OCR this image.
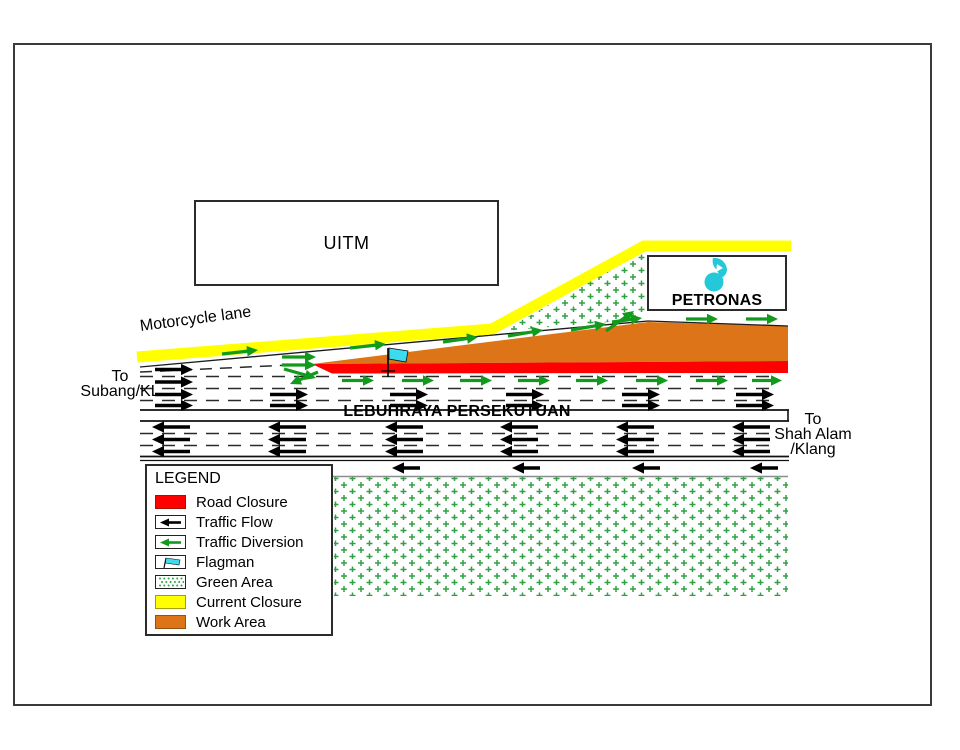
UITM
PETRONAS
Motorcycle lane
To
Subang/KL
LEBUHRAYA PERSEKUTUAN	To
Shah Alam
/Klang
LEGEND
Road Closure
Traffic Flow
Traffic Diversion
Flagman
Green Area
Current Closure
Work Area
